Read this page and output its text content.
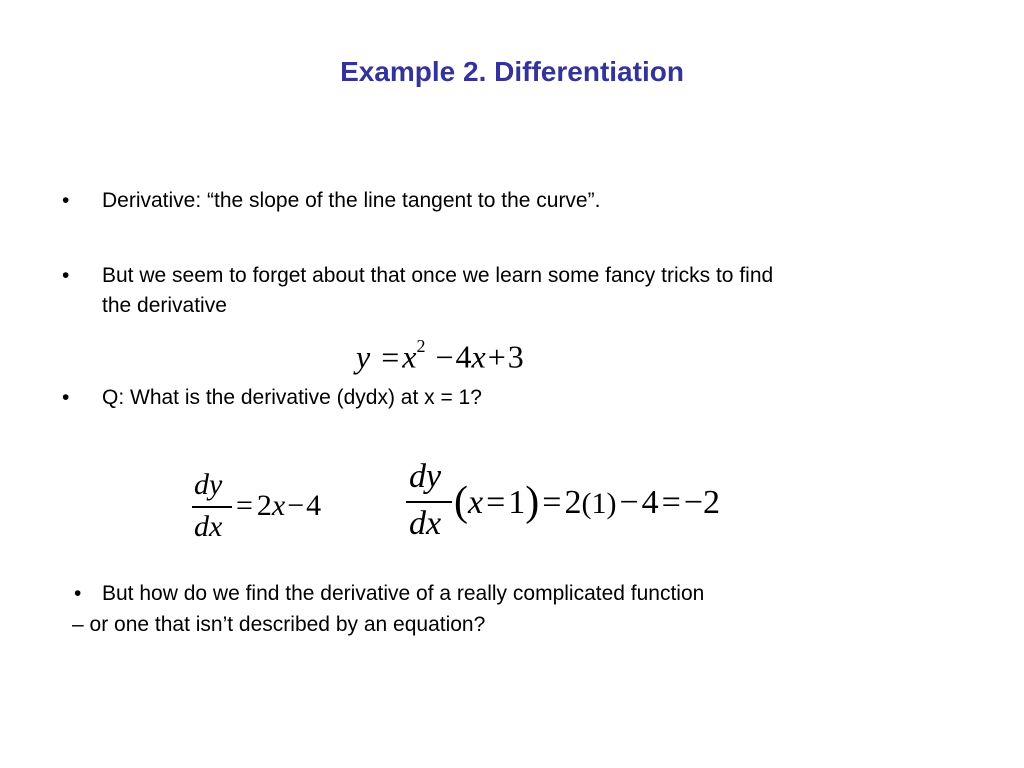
Example 2. Differentiation
• Derivative: “the slope of the line tangent to the curve”.
• But we seem to forget about that once we learn some fancy tricks to find
the derivative
$y =x^2 -4x+3$
• Q: What is the derivative (dydx) at x = 1?
dy
dx
= 2x−4
dy
dx (x=1)=2(1)−4=−2
• But how do we find the derivative of a really complicated function
– or one that isn’t described by an equation?
